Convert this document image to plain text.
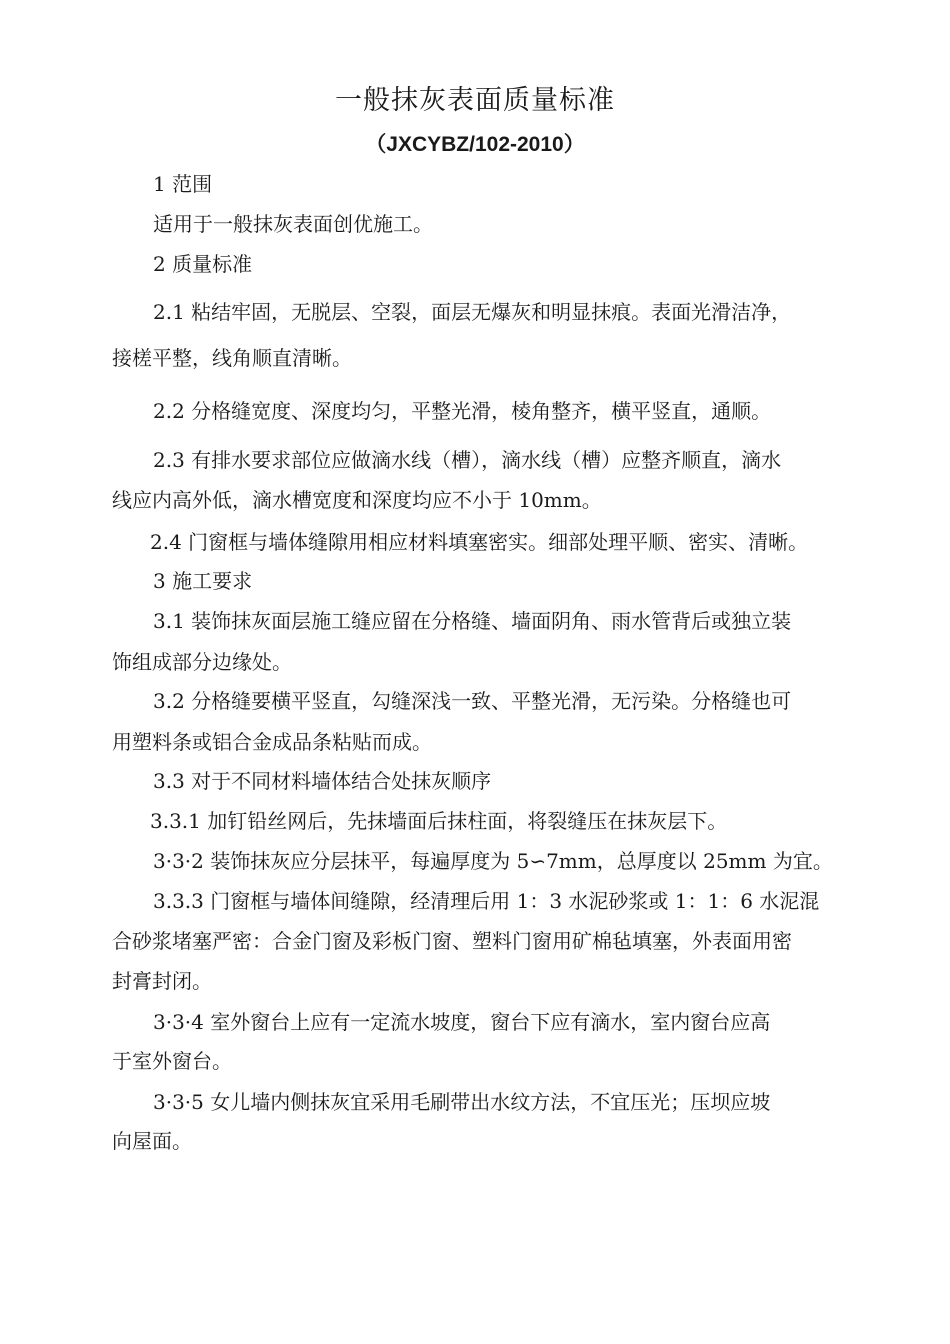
一般抹灰表面质量标准
（JXCYBZ/102-2010）
1 范围
适用于一般抹灰表面创优施工。
2 质量标准
2.1 粘结牢固，无脱层、空裂，面层无爆灰和明显抹痕。表面光滑洁净，
接槎平整，线角顺直清晰。
2.2 分格缝宽度、深度均匀，平整光滑，棱角整齐，横平竖直，通顺。
2.3 有排水要求部位应做滴水线（槽），滴水线（槽）应整齐顺直，滴水
线应内高外低，滴水槽宽度和深度均应不小于 10mm。
2.4 门窗框与墙体缝隙用相应材料填塞密实。细部处理平顺、密实、清晰。
3 施工要求
3.1 装饰抹灰面层施工缝应留在分格缝、墙面阴角、雨水管背后或独立装
饰组成部分边缘处。
3.2 分格缝要横平竖直，勾缝深浅一致、平整光滑，无污染。分格缝也可
用塑料条或铝合金成品条粘贴而成。
3.3 对于不同材料墙体结合处抹灰顺序
3.3.1 加钉铅丝网后，先抹墙面后抹柱面，将裂缝压在抹灰层下。
3·3·2 装饰抹灰应分层抹平，每遍厚度为 5∽7mm，总厚度以 25mm 为宜。
3.3.3 门窗框与墙体间缝隙，经清理后用 1：3 水泥砂浆或 1：1：6 水泥混
合砂浆堵塞严密：合金门窗及彩板门窗、塑料门窗用矿棉毡填塞，外表面用密
封膏封闭。
3·3·4 室外窗台上应有一定流水坡度，窗台下应有滴水，室内窗台应高
于室外窗台。
3·3·5 女儿墙内侧抹灰宜采用毛刷带出水纹方法，不宜压光；压坝应坡
向屋面。
